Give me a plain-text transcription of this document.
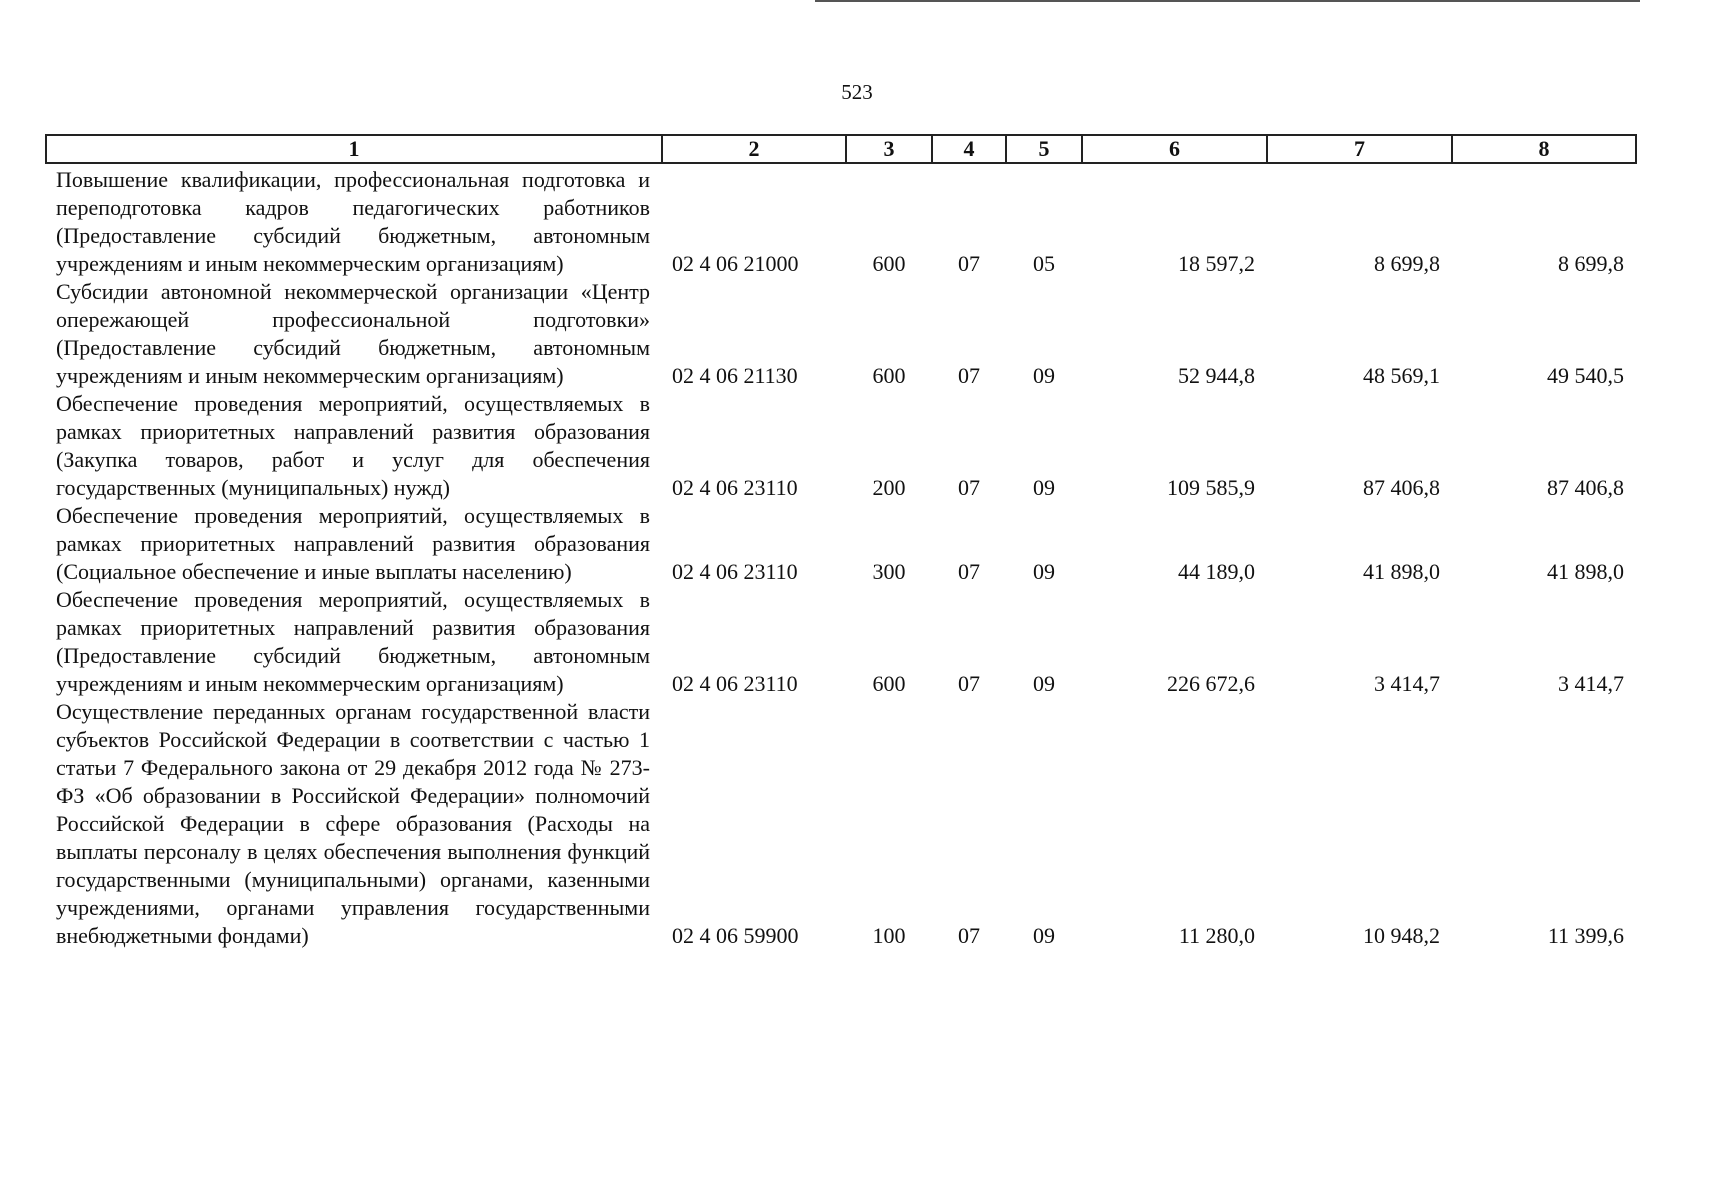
523
1	2	3	4	5	6	7	8
Повышение квалификации, профессиональная подготовка и переподготовка кадров педагогических работников (Предоставление субсидий бюджетным, автономным учреждениям и иным некоммерческим организациям)	02 4 06 21000	600	07	05	18 597,2	8 699,8	8 699,8
Субсидии автономной некоммерческой организации «Центр опережающей профессиональной подготовки» (Предоставление субсидий бюджетным, автономным учреждениям и иным некоммерческим организациям)	02 4 06 21130	600	07	09	52 944,8	48 569,1	49 540,5
Обеспечение проведения мероприятий, осуществляемых в рамках приоритетных направлений развития образования (Закупка товаров, работ и услуг для обеспечения государственных (муниципальных) нужд)	02 4 06 23110	200	07	09	109 585,9	87 406,8	87 406,8
Обеспечение проведения мероприятий, осуществляемых в рамках приоритетных направлений развития образования (Социальное обеспечение и иные выплаты населению)	02 4 06 23110	300	07	09	44 189,0	41 898,0	41 898,0
Обеспечение проведения мероприятий, осуществляемых в рамках приоритетных направлений развития образования (Предоставление субсидий бюджетным, автономным учреждениям и иным некоммерческим организациям)	02 4 06 23110	600	07	09	226 672,6	3 414,7	3 414,7
Осуществление переданных органам государственной власти субъектов Российской Федерации в соответствии с частью 1 статьи 7 Федерального закона от 29 декабря 2012 года № 273-ФЗ «Об образовании в Российской Федерации» полномочий Российской Федерации в сфере образования (Расходы на выплаты персоналу в целях обеспечения выполнения функций государственными (муниципальными) органами, казенными учреждениями, органами управления государственными внебюджетными фондами)	02 4 06 59900	100	07	09	11 280,0	10 948,2	11 399,6
